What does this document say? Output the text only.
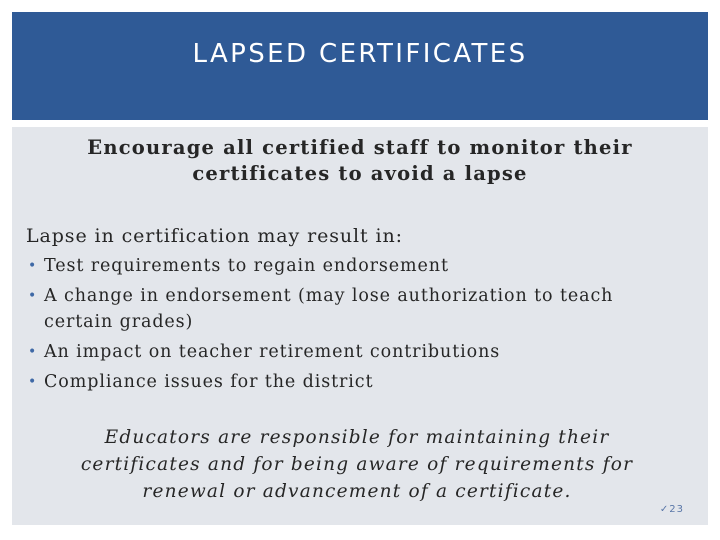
LAPSED CERTIFICATES
Encourage all certified staff to monitor their
certificates to avoid a lapse

Lapse in certification may result in:

• Test requirements to regain endorsement
• A change in endorsement (may lose authorization to teach certain grades)
• An impact on teacher retirement contributions
• Compliance issues for the district
Educators are responsible for maintaining their
certificates and for being aware of requirements for
renewal or advancement of a certificate.
✓23
